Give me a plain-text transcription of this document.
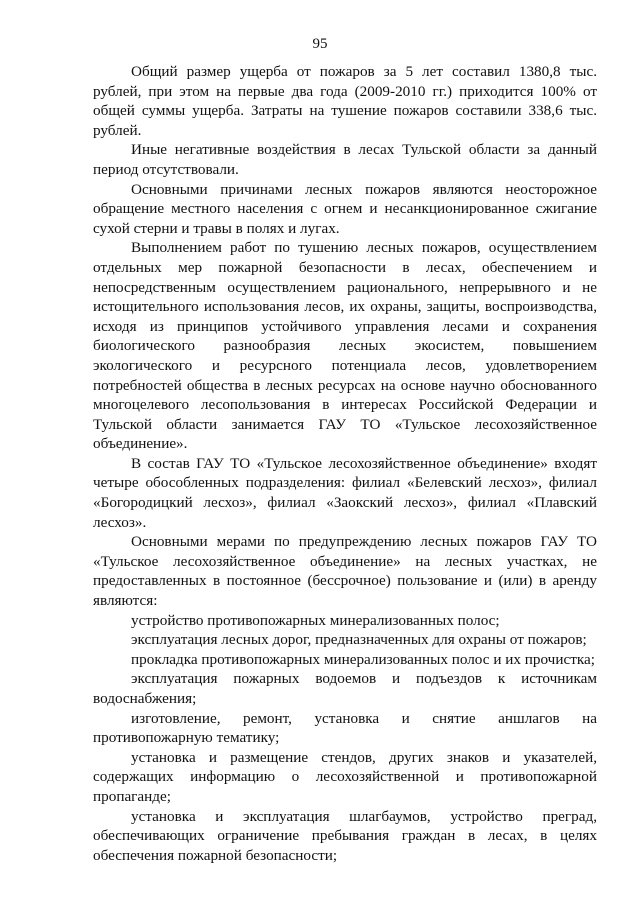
95

Общий размер ущерба от пожаров за 5 лет составил 1380,8 тыс. рублей, при этом на первые два года (2009-2010 гг.) приходится 100% от общей суммы ущерба. Затраты на тушение пожаров составили 338,6 тыс. рублей.

Иные негативные воздействия в лесах Тульской области за данный период отсутствовали.

Основными причинами лесных пожаров являются неосторожное обращение местного населения с огнем и несанкционированное сжигание сухой стерни и травы в полях и лугах.

Выполнением работ по тушению лесных пожаров, осуществлением отдельных мер пожарной безопасности в лесах, обеспечением и непосредственным осуществлением рационального, непрерывного и не истощительного использования лесов, их охраны, защиты, воспроизводства, исходя из принципов устойчивого управления лесами и сохранения биологического разнообразия лесных экосистем, повышением экологического и ресурсного потенциала лесов, удовлетворением потребностей общества в лесных ресурсах на основе научно обоснованного многоцелевого лесопользования в интересах Российской Федерации и Тульской области занимается ГАУ ТО «Тульское лесохозяйственное объединение».

В состав ГАУ ТО «Тульское лесохозяйственное объединение» входят четыре обособленных подразделения: филиал «Белевский лесхоз», филиал «Богородицкий лесхоз», филиал «Заокский лесхоз», филиал «Плавский лесхоз».

Основными мерами по предупреждению лесных пожаров ГАУ ТО «Тульское лесохозяйственное объединение» на лесных участках, не предоставленных в постоянное (бессрочное) пользование и (или) в аренду являются:

устройство противопожарных минерализованных полос;

эксплуатация лесных дорог, предназначенных для охраны от пожаров;

прокладка противопожарных минерализованных полос и их прочистка;

эксплуатация пожарных водоемов и подъездов к источникам водоснабжения;

изготовление, ремонт, установка и снятие аншлагов на противопожарную тематику;

установка и размещение стендов, других знаков и указателей, содержащих информацию о лесохозяйственной и противопожарной пропаганде;

установка и эксплуатация шлагбаумов, устройство преград, обеспечивающих ограничение пребывания граждан в лесах, в целях обеспечения пожарной безопасности;
